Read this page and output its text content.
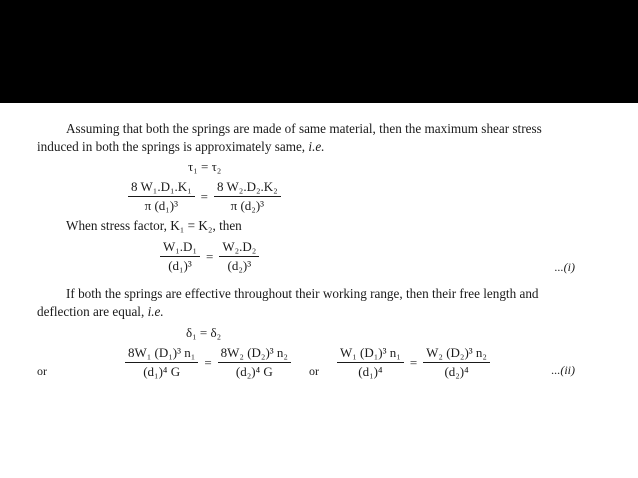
Assuming that both the springs are made of same material, then the maximum shear stress

induced in both the springs is approximately same, i.e.

τ₁ = τ₂
$\frac{\text{8 W₁.D₁.K₁}}{\text{π (d₁)³}} = \frac{\text{8 W₂.D₂.K₂}}{\text{π (d₂)³}}$

When stress factor, K₁ = K₂, then

$\frac{\text{W₁.D₁}}{\text{(d₁)³}} = \frac{\text{W₂.D₂}}{\text{(d₂)³}}$	...(i)

If both the springs are effective throughout their working range, then their free length and

deflection are equal, i.e.

δ₁ = δ₂
or	$\frac{\text{8W₁ (D₁)³ n₁}}{\text{(d₁)⁴ G}} = \frac{\text{8W₂ (D₂)³ n₂}}{\text{(d₂)⁴ G}}$ or $\frac{\text{W₁ (D₁)³ n₁}}{\text{(d₁)⁴}} = \frac{\text{W₂ (D₂)³ n₂}}{\text{(d₂)⁴}}$	...(ii)
